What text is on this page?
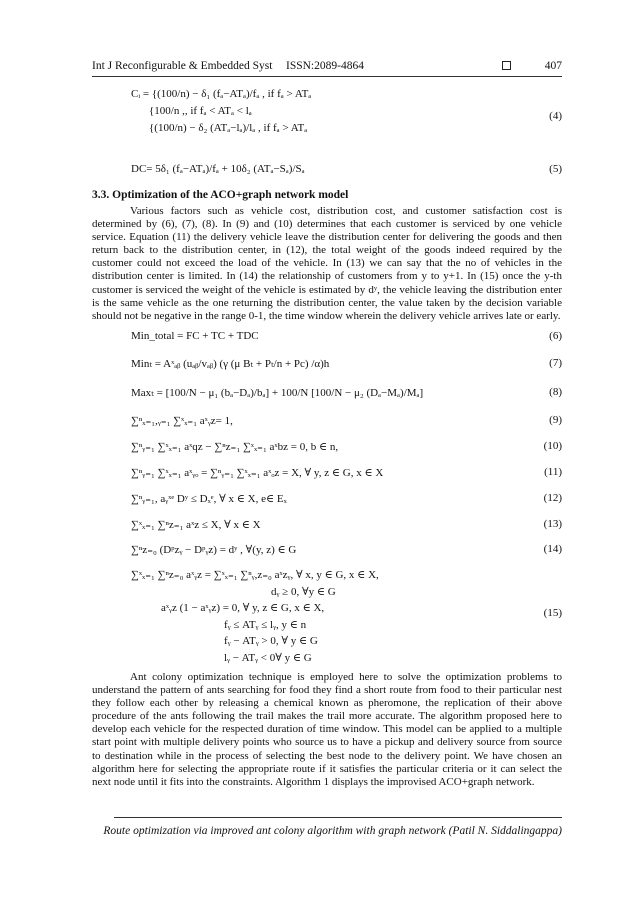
Int J Reconfigurable & Embedded Syst ISSN:2089-4864	407
Cᵢ = {(100/n) − δ₁ (fₐ−ATₐ)/fₐ , if fₐ > ATₐ
{100/n ,, if fₐ < ATₐ < lₐ
{(100/n) − δ₂ (ATₐ−lₐ)/lₐ , if fₐ > ATₐ
(4)
DC= 5δ₁ (fₐ−ATₐ)/fₐ + 10δ₂ (ATₐ−Sₐ)/Sₐ	(5)
3.3. Optimization of the ACO+graph network model
Various factors such as vehicle cost, distribution cost, and customer satisfaction cost is determined by (6), (7), (8). In (9) and (10) determines that each customer is serviced by one vehicle service. Equation (11) the delivery vehicle leave the distribution center for delivering the goods and then return back to the distribution center, in (12), the total weight of the goods indeed required by the customer could not exceed the load of the vehicle. In (13) we can say that the no of vehicles in the distribution center is limited. In (14) the relationship of customers from y to y+1. In (15) once the y-th customer is serviced the weight of the vehicle is estimated by dʸ, the vehicle leaving the distribution enter is the same vehicle as the one returning the distribution center, the value taken by the decision variable should not be negative in the range 0-1, the time window wherein the delivery vehicle arrives late or early.
Min_total = FC + TC + TDC	(6)
Minₜ = Aˣₐᵦ (uₐᵦ/vₐᵦ) (γ (μ Bₜ + Pₜ/n + Pc) /α)h	(7)
Maxₜ = [100/N − μ₁ (bₐ−Dₐ)/bₐ] + 100/N [100/N − μ₂ (Dₐ−Mₐ)/Mₐ]	(8)
∑ⁿₓ₌₁,ᵧ₌₁ ∑ˣₓ₌₁ aˣᵧz= 1,	(9)
∑ⁿᵧ₌₁ ∑ˣₓ₌₁ aˣqz − ∑ⁿz₌₁ ∑ˣₓ₌₁ aˣbz = 0, b ∈ n,	(10)
∑ⁿᵧ₌₁ ∑ˣₓ₌₁ aˣᵧₒ = ∑ⁿᵧ₌₁ ∑ˣₓ₌₁ aˣₒz = X, ∀ y, z ∈ G, x ∈ X	(11)
∑ⁿᵧ₌₁, aᵧˣᵉ Dʸ ≤ Dₓᵉ, ∀ x ∈ X, e∈ Eₓ	(12)
∑ˣₓ₌₁ ∑ⁿz₌₁ aˣz ≤ X, ∀ x ∈ X	(13)
∑ⁿz₌₀ (Dᵖzᵧ − Dᵖᵧz) = dʸ , ∀(y, z) ∈ G	(14)
∑ˣₓ₌₁ ∑ⁿz₌₀ aˣᵧz = ∑ˣₓ₌₁ ∑ⁿᵧ,z₌₀ aˣzᵧ, ∀ x, y ∈ G, x ∈ X,
dᵧ ≥ 0, ∀y ∈ G
aˣᵧz (1 − aˣᵧz) = 0, ∀ y, z ∈ G, x ∈ X,
fᵧ ≤ ATᵧ ≤ lᵧ, y ∈ n
fᵧ − ATᵧ > 0, ∀ y ∈ G
lᵧ − ATᵧ < 0∀ y ∈ G
(15)
Ant colony optimization technique is employed here to solve the optimization problems to understand the pattern of ants searching for food they find a short route from food to their particular nest they follow each other by releasing a chemical known as pheromone, the replication of their above procedure of the ants following the trail makes the trail more accurate. The algorithm proposed here to develop each vehicle for the respected duration of time window. This model can be applied to a multiple start point with multiple delivery points who source us to have a pickup and delivery source from source to destination while in the process of selecting the best node to the delivery point. We have chosen an algorithm here for selecting the appropriate route if it satisfies the particular criteria or it can select the next node until it fits into the constraints. Algorithm 1 displays the improvised ACO+graph network.
Route optimization via improved ant colony algorithm with graph network (Patil N. Siddalingappa)
